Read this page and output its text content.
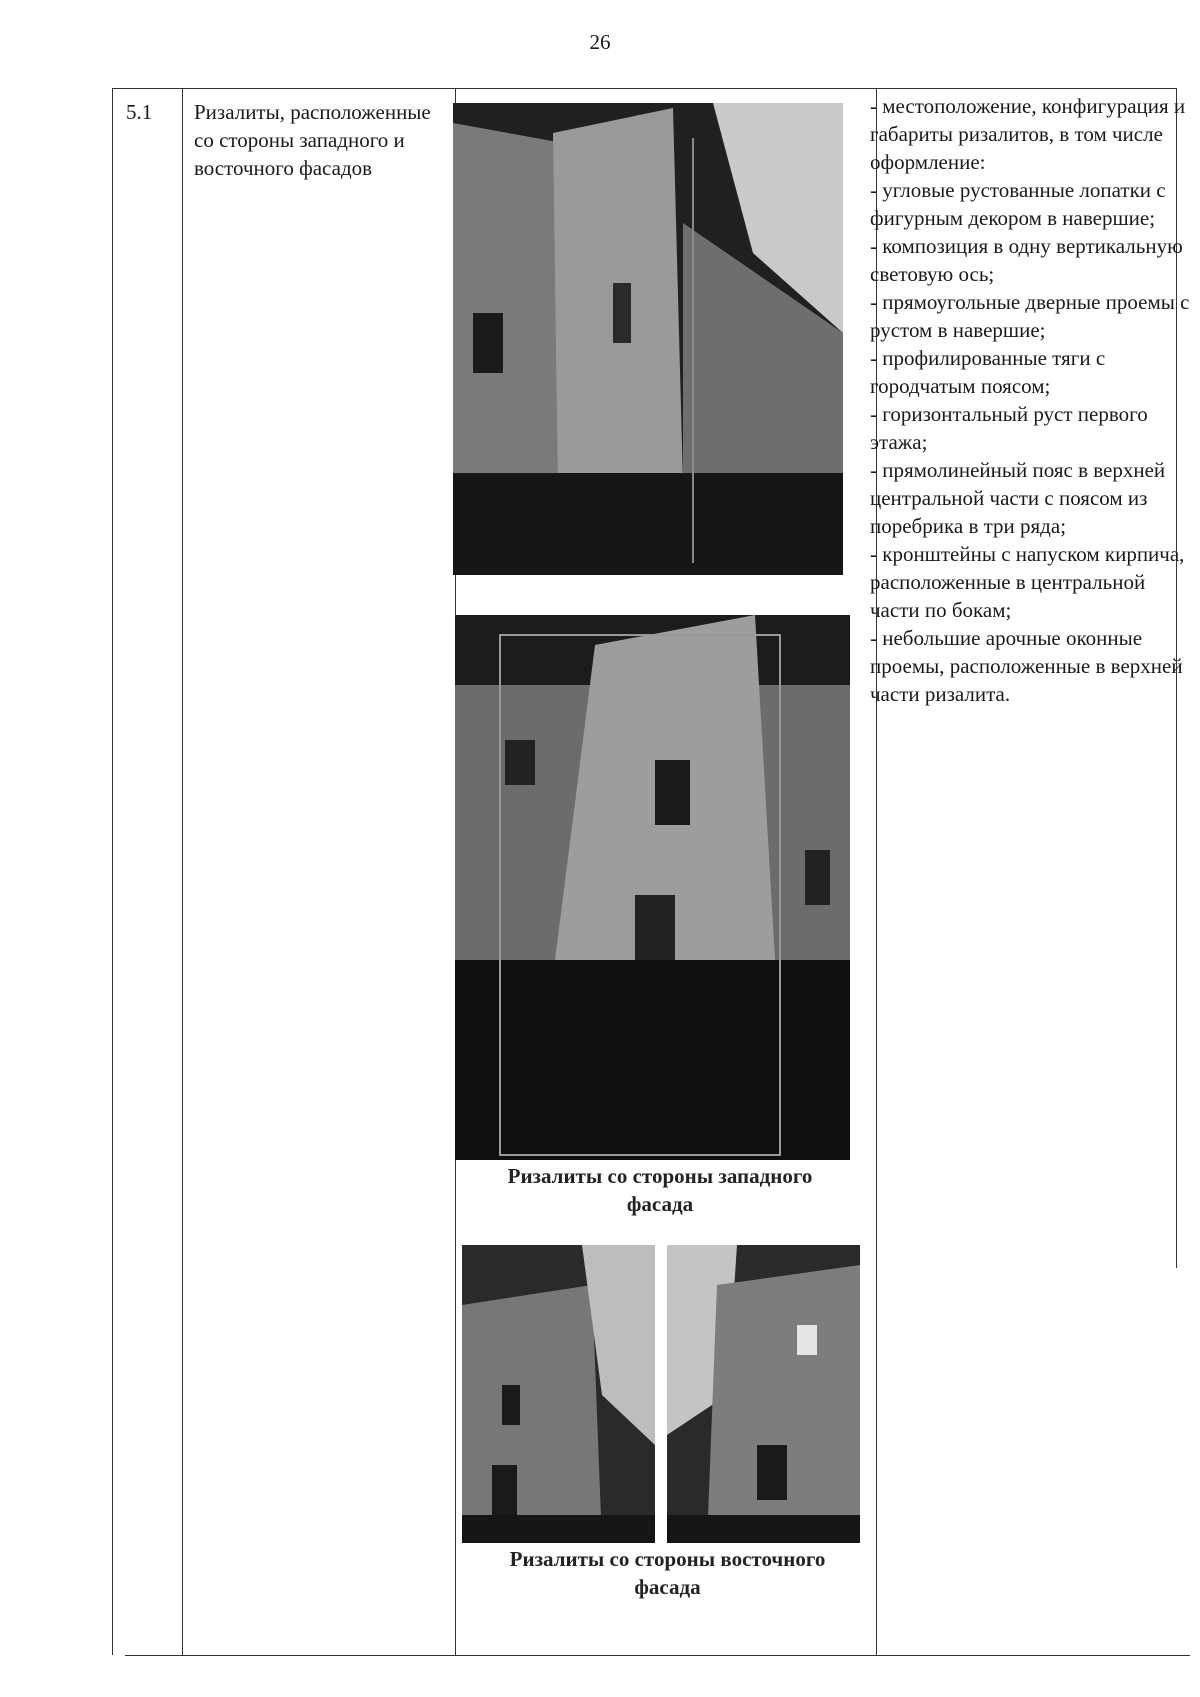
26
5.1 Ризалиты, расположенные со стороны западного и восточного фасадов
- местоположение, конфигурация и габариты ризалитов, в том числе оформление:
- угловые рустованные лопатки с фигурным декором в навершие;
- композиция в одну вертикальную световую ось;
- прямоугольные дверные проемы с рустом в навершие;
- профилированные тяги с городчатым поясом;
- горизонтальный руст первого этажа;
- прямолинейный пояс в верхней центральной части с поясом из поребрика в три ряда;
- кронштейны с напуском кирпича, расположенные в центральной части по бокам;
- небольшие арочные оконные проемы, расположенные в верхней части ризалита.
Ризалиты со стороны западного фасада
Ризалиты со стороны восточного фасада
